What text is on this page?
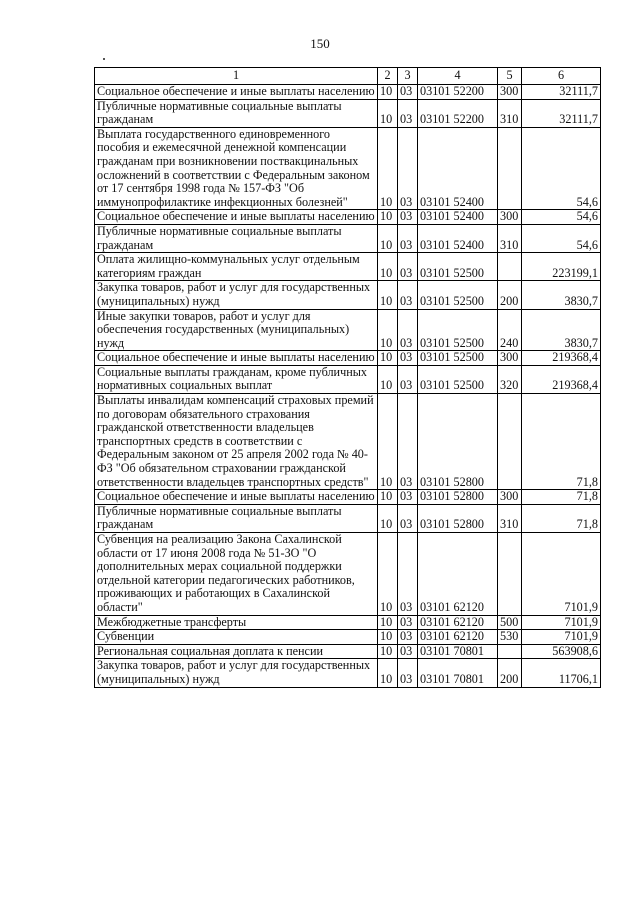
150
1	2	3	4	5	6
Социальное обеспечение и иные выплаты населению	10	03	03101 52200	300	32111,7
Публичные нормативные социальные выплаты гражданам	10	03	03101 52200	310	32111,7
Выплата государственного единовременного пособия и ежемесячной денежной компенсации гражданам при возникновении поствакцинальных осложнений в соответствии с Федеральным законом от 17 сентября 1998 года № 157-ФЗ "Об иммунопрофилактике инфекционных болезней"	10	03	03101 52400		54,6
Социальное обеспечение и иные выплаты населению	10	03	03101 52400	300	54,6
Публичные нормативные социальные выплаты гражданам	10	03	03101 52400	310	54,6
Оплата жилищно-коммунальных услуг отдельным категориям граждан	10	03	03101 52500		223199,1
Закупка товаров, работ и услуг для государственных (муниципальных) нужд	10	03	03101 52500	200	3830,7
Иные закупки товаров, работ и услуг для обеспечения государственных (муниципальных) нужд	10	03	03101 52500	240	3830,7
Социальное обеспечение и иные выплаты населению	10	03	03101 52500	300	219368,4
Социальные выплаты гражданам, кроме публичных нормативных социальных выплат	10	03	03101 52500	320	219368,4
Выплаты инвалидам компенсаций страховых премий по договорам обязательного страхования гражданской ответственности владельцев транспортных средств в соответствии с Федеральным законом от 25 апреля 2002 года № 40-ФЗ "Об обязательном страховании гражданской ответственности владельцев транспортных средств"	10	03	03101 52800		71,8
Социальное обеспечение и иные выплаты населению	10	03	03101 52800	300	71,8
Публичные нормативные социальные выплаты гражданам	10	03	03101 52800	310	71,8
Субвенция на реализацию Закона Сахалинской области от 17 июня 2008 года № 51-ЗО "О дополнительных мерах социальной поддержки отдельной категории педагогических работников, проживающих и работающих в Сахалинской области"	10	03	03101 62120		7101,9
Межбюджетные трансферты	10	03	03101 62120	500	7101,9
Субвенции	10	03	03101 62120	530	7101,9
Региональная социальная доплата к пенсии	10	03	03101 70801		563908,6
Закупка товаров, работ и услуг для государственных (муниципальных) нужд	10	03	03101 70801	200	11706,1
